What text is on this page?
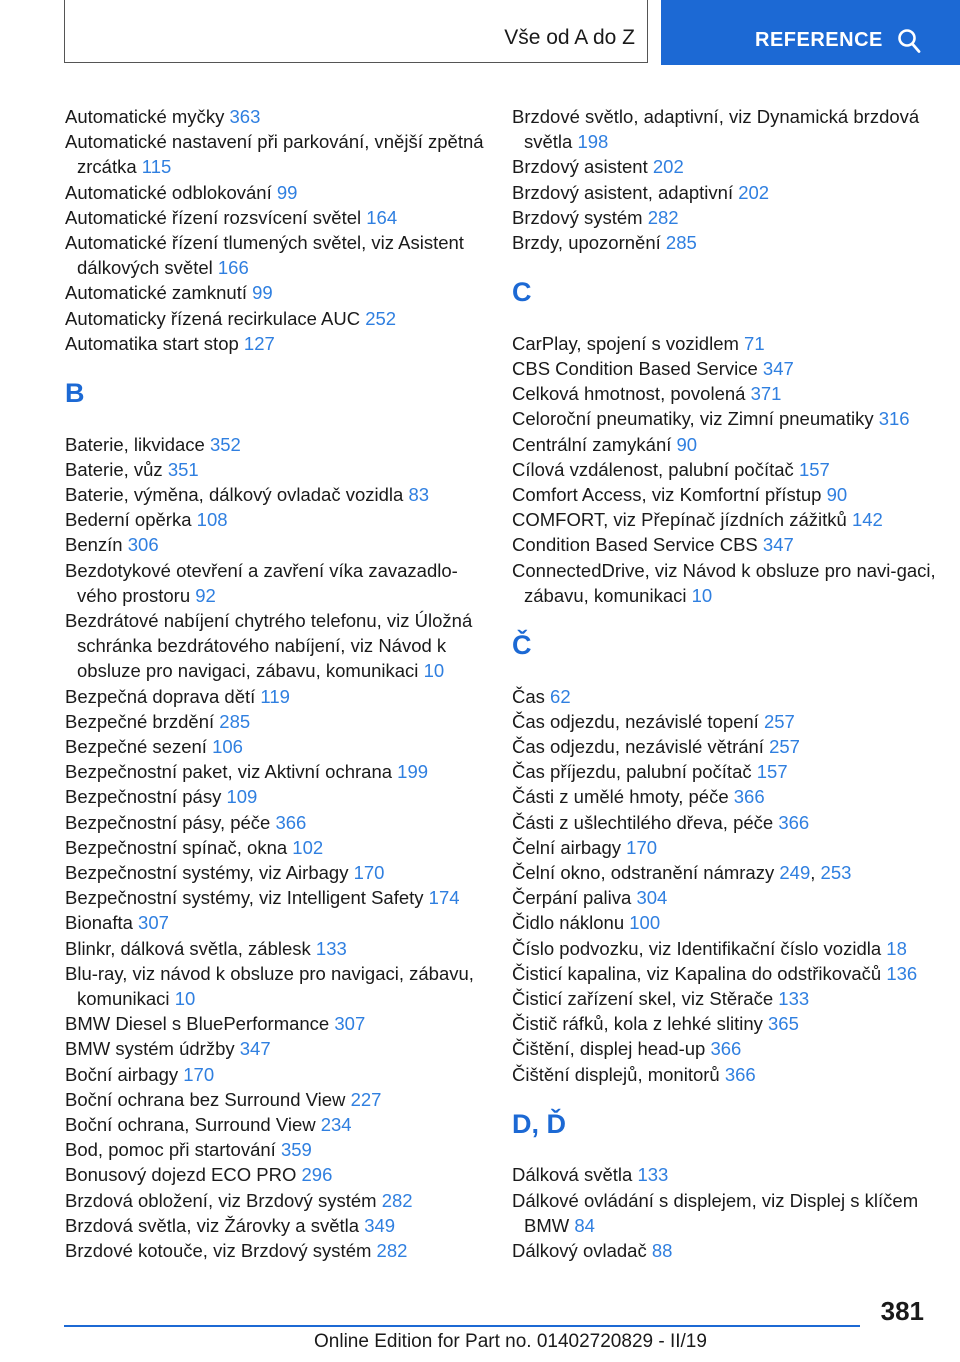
Vše od A do Z	REFERENCE
Automatické myčky 363
Automatické nastavení při parkování, vnější zpětná zrcátka 115
Automatické odblokování 99
Automatické řízení rozsvícení světel 164
Automatické řízení tlumených světel, viz Asistent dálkových světel 166
Automatické zamknutí 99
Automaticky řízená recirkulace AUC 252
Automatika start stop 127
B
Baterie, likvidace 352
Baterie, vůz 351
Baterie, výměna, dálkový ovladač vozidla 83
Bederní opěrka 108
Benzín 306
Bezdotykové otevření a zavření víka zavazadlo‐vého prostoru 92
Bezdrátové nabíjení chytrého telefonu, viz Úložná schránka bezdrátového nabíjení, viz Návod k obsluze pro navigaci, zábavu, komunikaci 10
Bezpečná doprava dětí 119
Bezpečné brzdění 285
Bezpečné sezení 106
Bezpečnostní paket, viz Aktivní ochrana 199
Bezpečnostní pásy 109
Bezpečnostní pásy, péče 366
Bezpečnostní spínač, okna 102
Bezpečnostní systémy, viz Airbagy 170
Bezpečnostní systémy, viz Intelligent Safety 174
Bionafta 307
Blinkr, dálková světla, záblesk 133
Blu-ray, viz návod k obsluze pro navigaci, zábavu, komunikaci 10
BMW Diesel s BluePerformance 307
BMW systém údržby 347
Boční airbagy 170
Boční ochrana bez Surround View 227
Boční ochrana, Surround View 234
Bod, pomoc při startování 359
Bonusový dojezd ECO PRO 296
Brzdová obložení, viz Brzdový systém 282
Brzdová světla, viz Žárovky a světla 349
Brzdové kotouče, viz Brzdový systém 282
Brzdové světlo, adaptivní, viz Dynamická brzdová světla 198
Brzdový asistent 202
Brzdový asistent, adaptivní 202
Brzdový systém 282
Brzdy, upozornění 285
C
CarPlay, spojení s vozidlem 71
CBS Condition Based Service 347
Celková hmotnost, povolená 371
Celoroční pneumatiky, viz Zimní pneumatiky 316
Centrální zamykání 90
Cílová vzdálenost, palubní počítač 157
Comfort Access, viz Komfortní přístup 90
COMFORT, viz Přepínač jízdních zážitků 142
Condition Based Service CBS 347
ConnectedDrive, viz Návod k obsluze pro navi‐gaci, zábavu, komunikaci 10
Č
Čas 62
Čas odjezdu, nezávislé topení 257
Čas odjezdu, nezávislé větrání 257
Čas příjezdu, palubní počítač 157
Části z umělé hmoty, péče 366
Části z ušlechtilého dřeva, péče 366
Čelní airbagy 170
Čelní okno, odstranění námrazy 249, 253
Čerpání paliva 304
Čidlo náklonu 100
Číslo podvozku, viz Identifikační číslo vozidla 18
Čisticí kapalina, viz Kapalina do odstřikovačů 136
Čisticí zařízení skel, viz Stěrače 133
Čistič ráfků, kola z lehké slitiny 365
Čištění, displej head-up 366
Čištění displejů, monitorů 366
D, Ď
Dálková světla 133
Dálkové ovládání s displejem, viz Displej s klíčem BMW 84
Dálkový ovladač 88
381
Online Edition for Part no. 01402720829 - II/19
